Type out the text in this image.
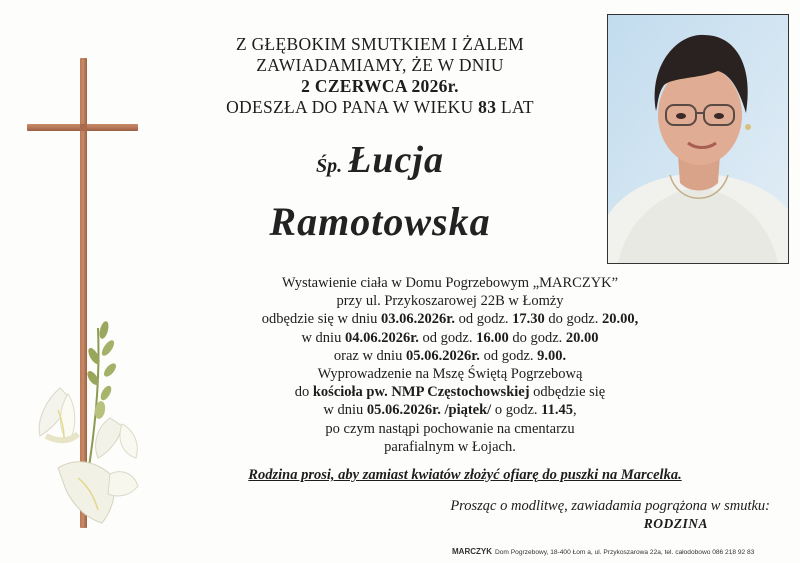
Z GŁĘBOKIM SMUTKIEM I ŻALEM
ZAWIADAMIAMY, ŻE W DNIU
2 CZERWCA 2026r.
ODESZŁA DO PANA W WIEKU 83 LAT
Śp. Łucja
Ramotowska
Wystawienie ciała w Domu Pogrzebowym „MARCZYK”
przy ul. Przykoszarowej 22B w Łomży
odbędzie się w dniu 03.06.2026r. od godz. 17.30 do godz. 20.00,
w dniu 04.06.2026r. od godz. 16.00 do godz. 20.00
oraz w dniu 05.06.2026r. od godz. 9.00.
Wyprowadzenie na Mszę Świętą Pogrzebową
do kościoła pw. NMP Częstochowskiej odbędzie się
w dniu 05.06.2026r. /piątek/ o godz. 11.45,
po czym nastąpi pochowanie na cmentarzu
parafialnym w Łojach.
Rodzina prosi, aby zamiast kwiatów złożyć ofiarę do puszki na Marcelka.
Prosząc o modlitwę, zawiadamia pogrążona w smutku:
RODZINA
MARCZYK Dom Pogrzebowy, 18-400 Łom a, ul. Przykoszarowa 22a, tel. całodobowo 086 218 92 83
